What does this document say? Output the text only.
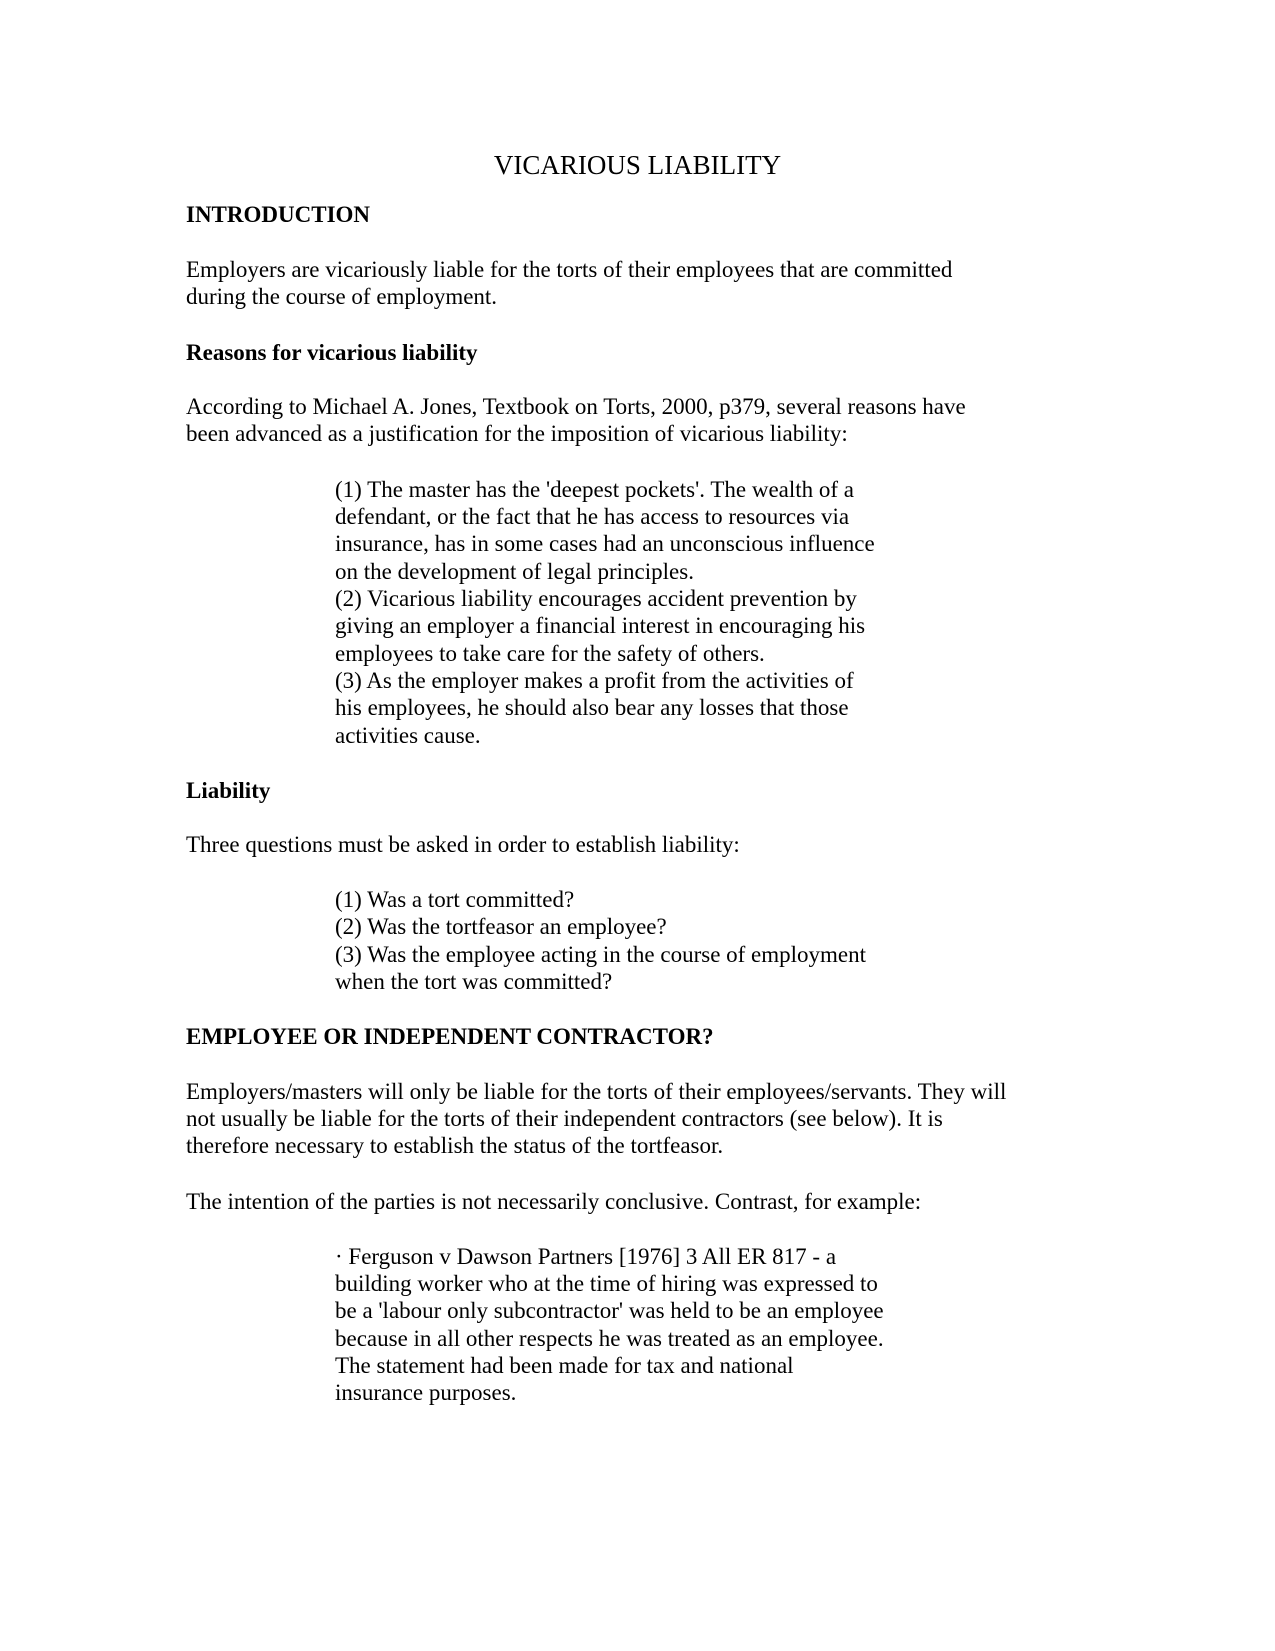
VICARIOUS LIABILITY
INTRODUCTION
Employers are vicariously liable for the torts of their employees that are committed
during the course of employment.
Reasons for vicarious liability
According to Michael A. Jones, Textbook on Torts, 2000, p379, several reasons have
been advanced as a justification for the imposition of vicarious liability:
(1) The master has the 'deepest pockets'. The wealth of a
defendant, or the fact that he has access to resources via
insurance, has in some cases had an unconscious influence
on the development of legal principles.
(2) Vicarious liability encourages accident prevention by
giving an employer a financial interest in encouraging his
employees to take care for the safety of others.
(3) As the employer makes a profit from the activities of
his employees, he should also bear any losses that those
activities cause.
Liability
Three questions must be asked in order to establish liability:
(1) Was a tort committed?
(2) Was the tortfeasor an employee?
(3) Was the employee acting in the course of employment
when the tort was committed?
EMPLOYEE OR INDEPENDENT CONTRACTOR?
Employers/masters will only be liable for the torts of their employees/servants. They will
not usually be liable for the torts of their independent contractors (see below). It is
therefore necessary to establish the status of the tortfeasor.
The intention of the parties is not necessarily conclusive. Contrast, for example:
· Ferguson v Dawson Partners [1976] 3 All ER 817 - a
building worker who at the time of hiring was expressed to
be a 'labour only subcontractor' was held to be an employee
because in all other respects he was treated as an employee.
The statement had been made for tax and national
insurance purposes.
